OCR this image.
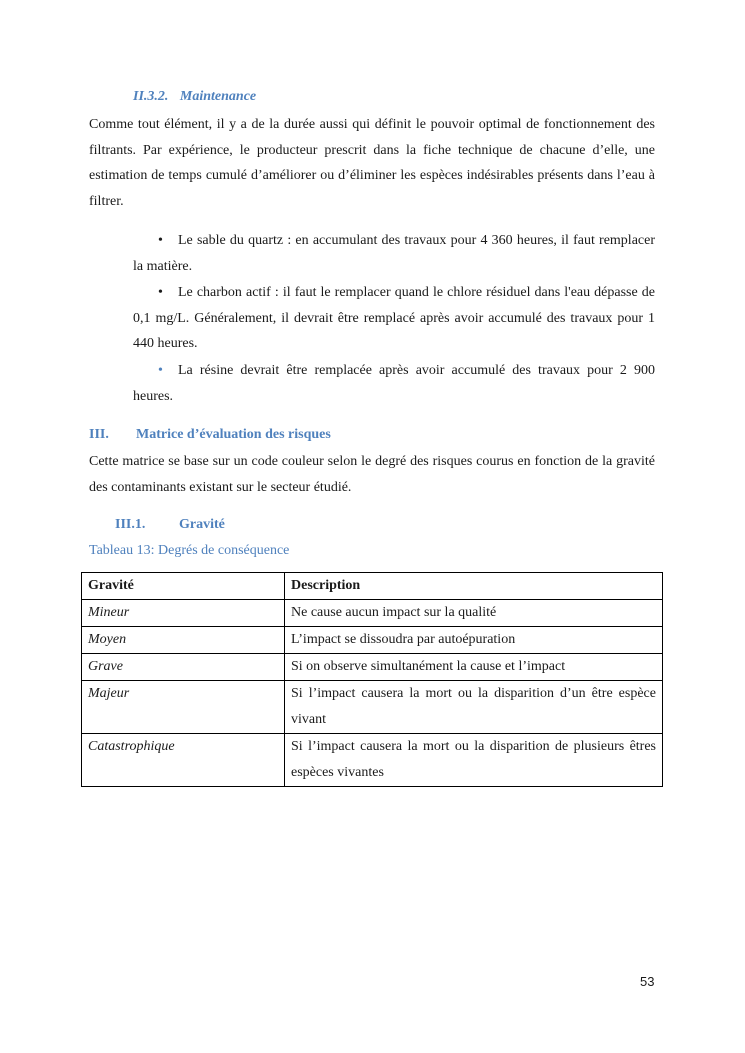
II.3.2. Maintenance
Comme tout élément, il y a de la durée aussi qui définit le pouvoir optimal de fonctionnement des filtrants. Par expérience, le producteur prescrit dans la fiche technique de chacune d’elle, une estimation de temps cumulé d’améliorer ou d’éliminer les espèces indésirables présents dans l’eau à filtrer.
•	Le sable du quartz : en accumulant des travaux pour 4 360 heures, il faut remplacer la matière.
•	Le charbon actif : il faut le remplacer quand le chlore résiduel dans l'eau dépasse de 0,1 mg/L. Généralement, il devrait être remplacé après avoir accumulé des travaux pour 1 440 heures.
•	La résine devrait être remplacée après avoir accumulé des travaux pour 2 900 heures.
III. Matrice d’évaluation des risques
Cette matrice se base sur un code couleur selon le degré des risques courus en fonction de la gravité des contaminants existant sur le secteur étudié.
III.1. Gravité
Tableau 13: Degrés de conséquence
Gravité	Description
Mineur	Ne cause aucun impact sur la qualité
Moyen	L’impact se dissoudra par autoépuration
Grave	Si on observe simultanément la cause et l’impact
Majeur	Si l’impact causera la mort ou la disparition d’un être espèce vivant
Catastrophique	Si l’impact causera la mort ou la disparition de plusieurs êtres espèces vivantes
53
